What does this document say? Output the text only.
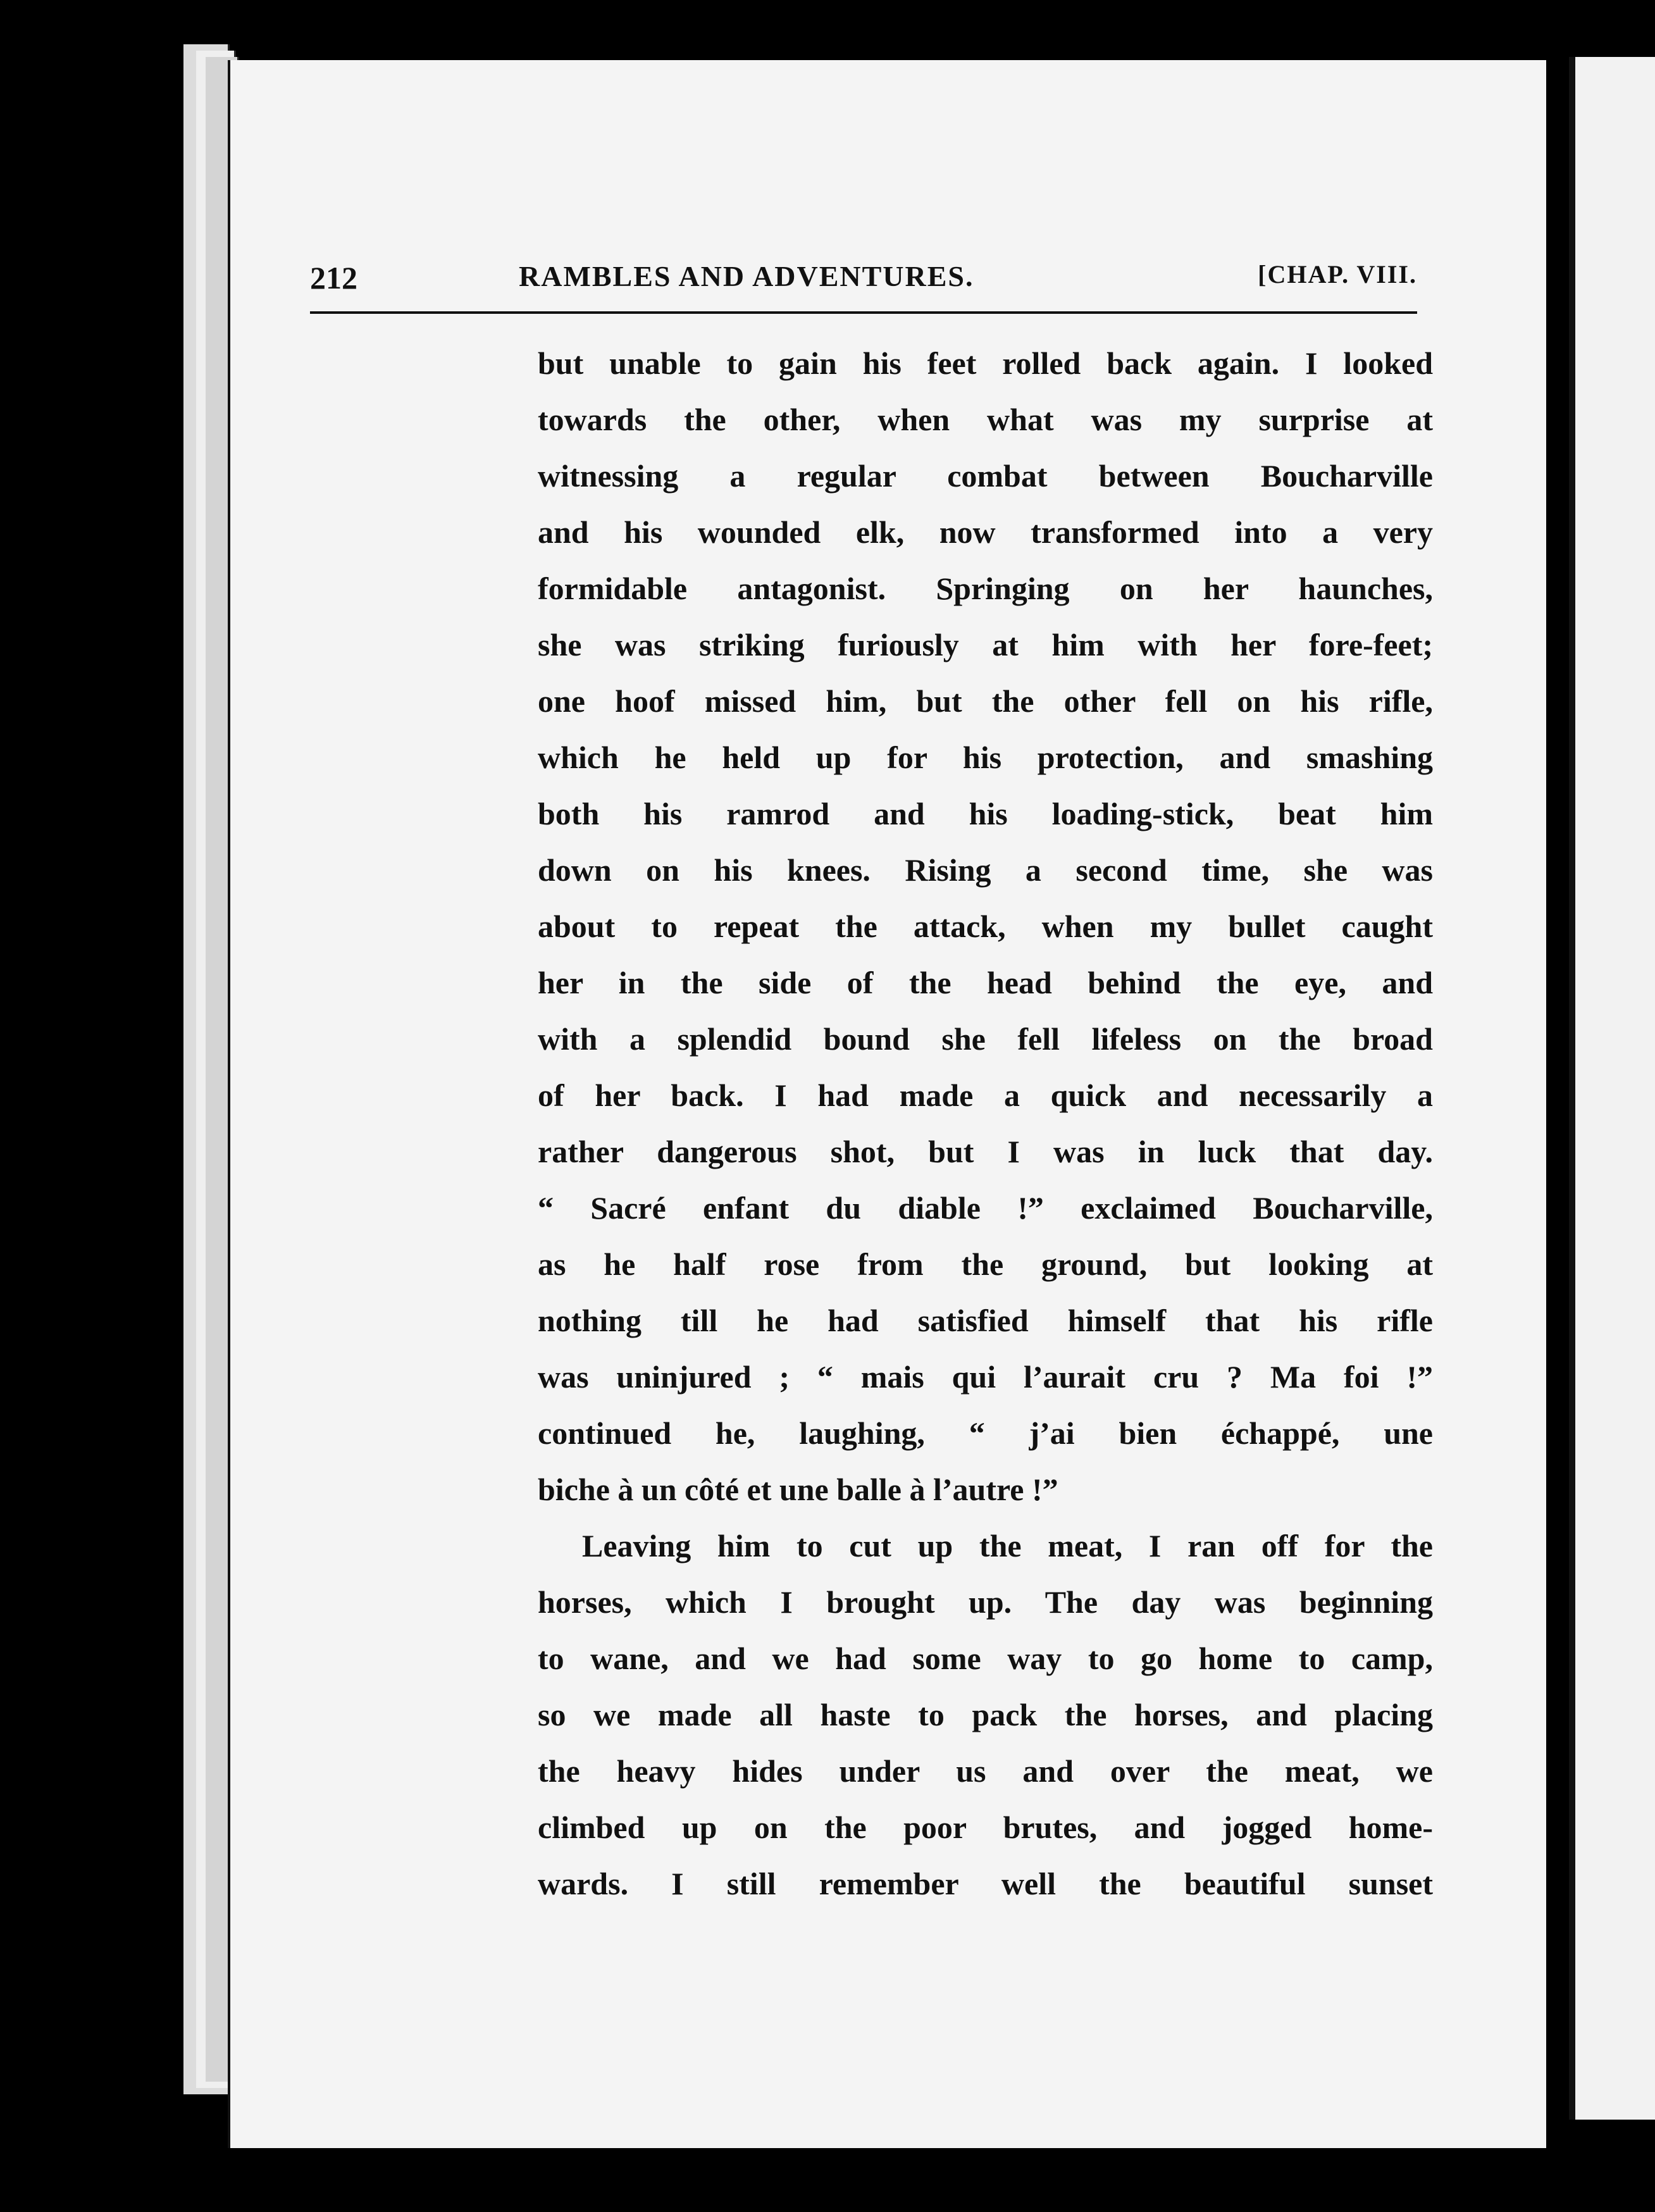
212	RAMBLES AND ADVENTURES.	[CHAP. VIII.
but unable to gain his feet rolled back again. I looked
towards the other, when what was my surprise at
witnessing a regular combat between Boucharville
and his wounded elk, now transformed into a very
formidable antagonist. Springing on her haunches,
she was striking furiously at him with her fore-feet;
one hoof missed him, but the other fell on his rifle,
which he held up for his protection, and smashing
both his ramrod and his loading-stick, beat him
down on his knees. Rising a second time, she was
about to repeat the attack, when my bullet caught
her in the side of the head behind the eye, and
with a splendid bound she fell lifeless on the broad
of her back. I had made a quick and necessarily a
rather dangerous shot, but I was in luck that day.
“ Sacré enfant du diable !” exclaimed Boucharville,
as he half rose from the ground, but looking at
nothing till he had satisfied himself that his rifle
was uninjured ; “ mais qui l’aurait cru ? Ma foi !”
continued he, laughing, “ j’ai bien échappé, une
biche à un côté et une balle à l’autre !”
Leaving him to cut up the meat, I ran off for the
horses, which I brought up. The day was beginning
to wane, and we had some way to go home to camp,
so we made all haste to pack the horses, and placing
the heavy hides under us and over the meat, we
climbed up on the poor brutes, and jogged home-
wards. I still remember well the beautiful sunset
